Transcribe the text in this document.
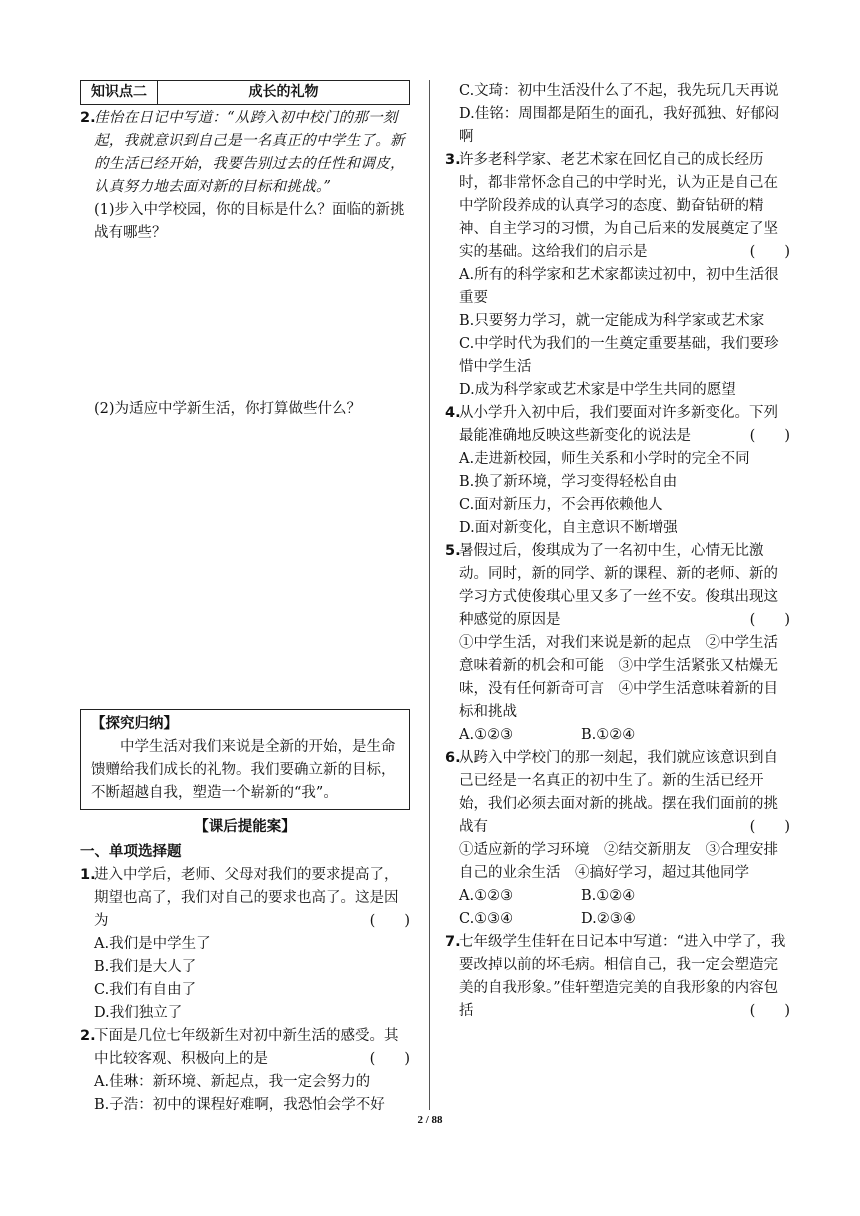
知识点二	成长的礼物
2.
佳怡在日记中写道：“从跨入初中校门的那一刻起，我就意识到自己是一名真正的中学生了。新的生活已经开始，我要告别过去的任性和调皮，认真努力地去面对新的目标和挑战。”

(1)步入中学校园，你的目标是什么？面临的新挑战有哪些？

(2)为适应中学新生活，你打算做些什么？

【探究归纳】
中学生活对我们来说是全新的开始，是生命馈赠给我们成长的礼物。我们要确立新的目标，不断超越自我，塑造一个崭新的“我”。
【课后提能案】
一、单项选择题
1.
进入中学后，老师、父母对我们的要求提高了，期望也高了，我们对自己的要求也高了。这是因为	(　　)
A.我们是中学生了
B.我们是大人了
C.我们有自由了
D.我们独立了
2.
下面是几位七年级新生对初中新生活的感受。其中比较客观、积极向上的是	(　　)
A.佳琳：新环境、新起点，我一定会努力的
B.子浩：初中的课程好难啊，我恐怕会学不好
C.文琦：初中生活没什么了不起，我先玩几天再说
D.佳铭：周围都是陌生的面孔，我好孤独、好郁闷啊
3.
许多老科学家、老艺术家在回忆自己的成长经历时，都非常怀念自己的中学时光，认为正是自己在中学阶段养成的认真学习的态度、勤奋钻研的精神、自主学习的习惯，为自己后来的发展奠定了坚实的基础。这给我们的启示是	(　　)
A.所有的科学家和艺术家都读过初中，初中生活很重要
B.只要努力学习，就一定能成为科学家或艺术家
C.中学时代为我们的一生奠定重要基础，我们要珍惜中学生活
D.成为科学家或艺术家是中学生共同的愿望
4.
从小学升入初中后，我们要面对许多新变化。下列最能准确地反映这些新变化的说法是	(　　)
A.走进新校园，师生关系和小学时的完全不同
B.换了新环境，学习变得轻松自由
C.面对新压力，不会再依赖他人
D.面对新变化，自主意识不断增强
5.
暑假过后，俊琪成为了一名初中生，心情无比激动。同时，新的同学、新的课程、新的老师、新的学习方式使俊琪心里又多了一丝不安。俊琪出现这种感觉的原因是	(　　)
①中学生活，对我们来说是新的起点　②中学生活意味着新的机会和可能　③中学生活紧张又枯燥无味，没有任何新奇可言　④中学生活意味着新的目标和挑战
A.①②③	B.①②④
6.
从跨入中学校门的那一刻起，我们就应该意识到自己已经是一名真正的初中生了。新的生活已经开始，我们必须去面对新的挑战。摆在我们面前的挑战有	(　　)
①适应新的学习环境　②结交新朋友　③合理安排自己的业余生活　④搞好学习，超过其他同学
A.①②③	B.①②④
C.①③④	D.②③④
7.
七年级学生佳轩在日记本中写道：“进入中学了，我要改掉以前的坏毛病。相信自己，我一定会塑造完美的自我形象。”佳轩塑造完美的自我形象的内容包括	(　　)
2 / 88
